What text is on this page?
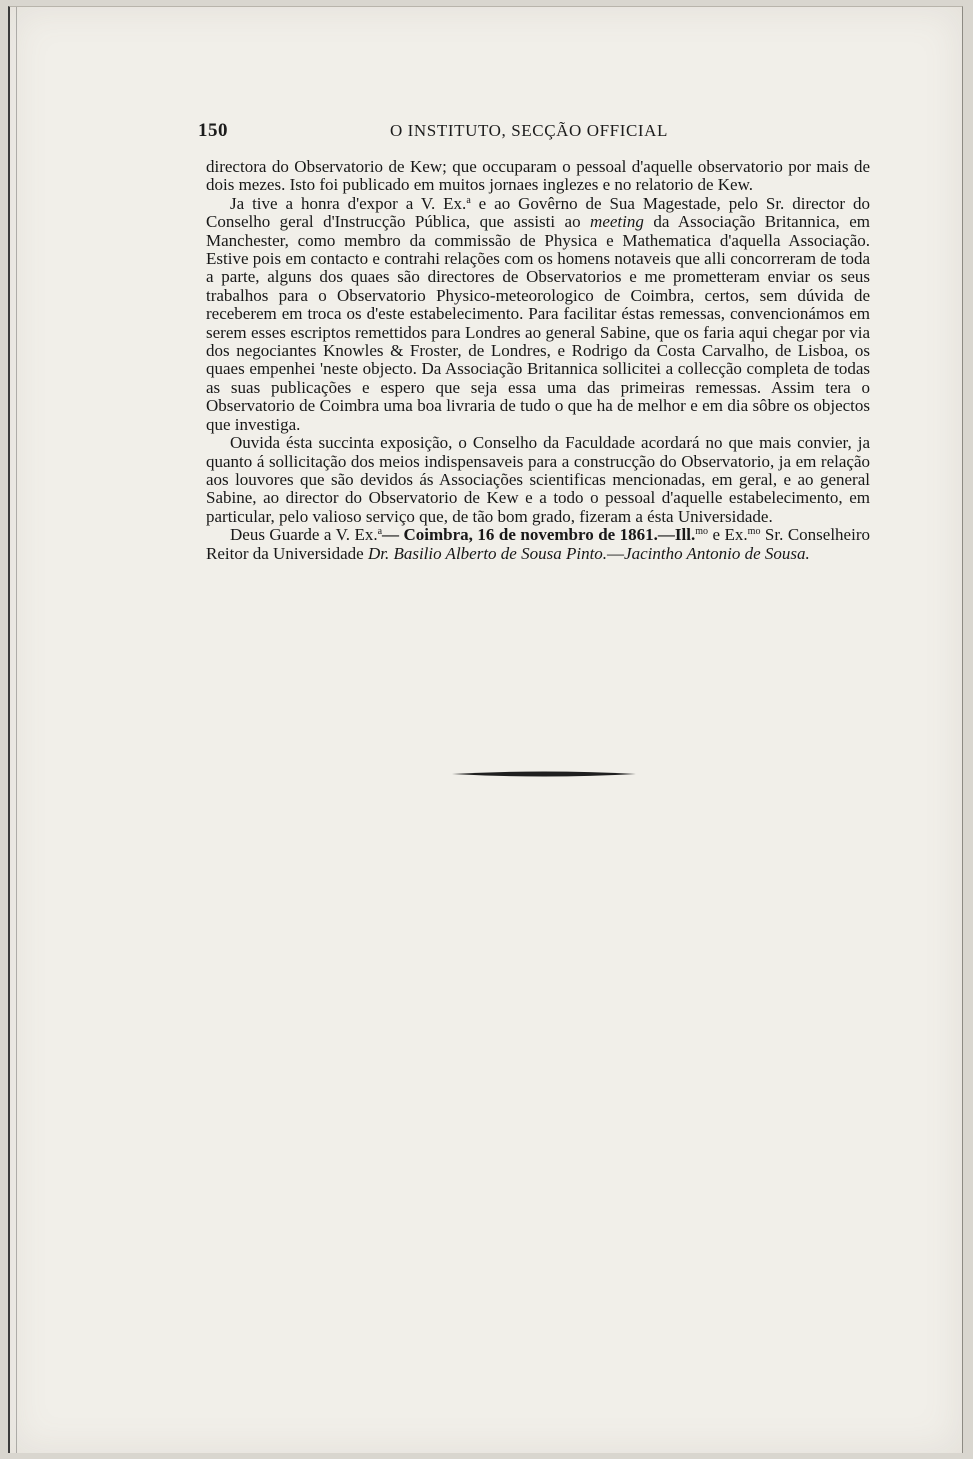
150	O INSTITUTO, SECÇÃO OFFICIAL

directora do Observatorio de Kew; que occuparam o pessoal d'aquelle observatorio por mais de dois mezes. Isto foi publicado em muitos jornaes inglezes e no relatorio de Kew.

Ja tive a honra d'expor a V. Ex.$^a$ e ao Govêrno de Sua Magestade, pelo Sr. director do Conselho geral d'Instrucção Pública, que assisti ao meeting da Associação Britannica, em Manchester, como membro da commissão de Physica e Mathematica d'aquella Associação. Estive pois em contacto e contrahi relações com os homens notaveis que alli concorreram de toda a parte, alguns dos quaes são directores de Observatorios e me prometteram enviar os seus trabalhos para o Observatorio Physico-meteorologico de Coimbra, certos, sem dúvida de receberem em troca os d'este estabelecimento. Para facilitar éstas remessas, convencionámos em serem esses escriptos remettidos para Londres ao general Sabine, que os faria aqui chegar por via dos negociantes Knowles & Froster, de Londres, e Rodrigo da Costa Carvalho, de Lisboa, os quaes empenhei 'neste objecto. Da Associação Britannica sollicitei a collecção completa de todas as suas publicações e espero que seja essa uma das primeiras remessas. Assim tera o Observatorio de Coimbra uma boa livraria de tudo o que ha de melhor e em dia sôbre os objectos que investiga.

Ouvida ésta succinta exposição, o Conselho da Faculdade acordará no que mais convier, ja quanto á sollicitação dos meios indispensaveis para a construcção do Observatorio, ja em relação aos louvores que são devidos ás Associações scientificas mencionadas, em geral, e ao general Sabine, ao director do Observatorio de Kew e a todo o pessoal d'aquelle estabelecimento, em particular, pelo valioso serviço que, de tão bom grado, fizeram a ésta Universidade.

Deus Guarde a V. Ex.$^a$— Coimbra, 16 de novembro de 1861.—Ill.$^{mo}$ e Ex.$^{mo}$ Sr. Conselheiro Reitor da Universidade Dr. Basilio Alberto de Sousa Pinto.—Jacintho Antonio de Sousa.
